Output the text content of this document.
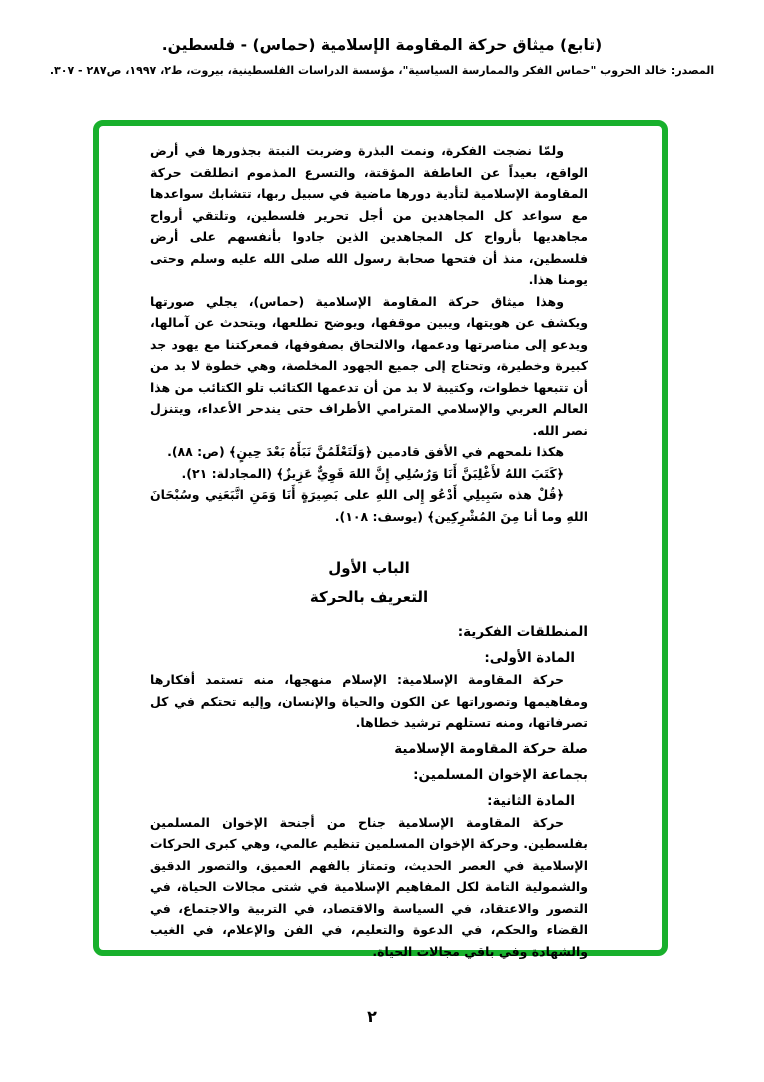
(تابع) ميثاق حركة المقاومة الإسلامية (حماس) - فلسطين.
المصدر: خالد الحروب "حماس الفكر والممارسة السياسية"، مؤسسة الدراسات الفلسطينية، بيروت، ط٢، ١٩٩٧، ص٢٨٧ - ٣٠٧.

ولمّا نضجت الفكرة، ونمت البذرة وضربت النبتة بجذورها في أرض الواقع، بعيداً عن العاطفة المؤقتة، والتسرع المذموم انطلقت حركة المقاومة الإسلامية لتأدية دورها ماضية في سبيل ربها، تتشابك سواعدها مع سواعد كل المجاهدين من أجل تحرير فلسطين، وتلتقي أرواح مجاهديها بأرواح كل المجاهدين الذين جادوا بأنفسهم على أرض فلسطين، منذ أن فتحها صحابة رسول الله صلى الله عليه وسلم وحتى يومنا هذا.

وهذا ميثاق حركة المقاومة الإسلامية (حماس)، يجلي صورتها ويكشف عن هويتها، ويبين موقفها، ويوضح تطلعها، ويتحدث عن آمالها، ويدعو إلى مناصرتها ودعمها، والالتحاق بصفوفها، فمعركتنا مع يهود جد كبيرة وخطيرة، وتحتاج إلى جميع الجهود المخلصة، وهي خطوة لا بد من أن تتبعها خطوات، وكتيبة لا بد من أن تدعمها الكتائب تلو الكتائب من هذا العالم العربي والإسلامي المترامي الأطراف حتى يندحر الأعداء، ويتنزل نصر الله.

هكذا نلمحهم في الأفق قادمين ﴿وَلَتَعْلَمُنَّ نَبَأَهُ بَعْدَ حِينٍ﴾ (ص: ٨٨).

﴿كَتَبَ اللهُ لأَغْلِبَنَّ أَنَا وَرُسُلِي إِنَّ اللهَ قَوِيٌّ عَزِيزٌ﴾ (المجادلة: ٢١).

﴿قُلْ هذه سَبِيلِي أَدْعُو إِلى اللهِ على بَصِيرَةٍ أَنَا وَمَنِ اتَّبَعَنِي وسُبْحَانَ اللهِ وما أنا مِنَ المُشْرِكِين﴾ (يوسف: ١٠٨).

الباب الأول
التعريف بالحركة
المنطلقات الفكرية:
المادة الأولى:

حركة المقاومة الإسلامية: الإسلام منهجها، منه تستمد أفكارها ومفاهيمها وتصوراتها عن الكون والحياة والإنسان، وإليه تحتكم في كل تصرفاتها، ومنه تستلهم ترشيد خطاها.

صلة حركة المقاومة الإسلامية
بجماعة الإخوان المسلمين:
المادة الثانية:

حركة المقاومة الإسلامية جناح من أجنحة الإخوان المسلمين بفلسطين. وحركة الإخوان المسلمين تنظيم عالمي، وهي كبرى الحركات الإسلامية في العصر الحديث، وتمتاز بالفهم العميق، والتصور الدقيق والشمولية التامة لكل المفاهيم الإسلامية في شتى مجالات الحياة، في التصور والاعتقاد، في السياسة والاقتصاد، في التربية والاجتماع، في القضاء والحكم، في الدعوة والتعليم، في الفن والإعلام، في الغيب والشهادة وفي باقي مجالات الحياة.

٢
